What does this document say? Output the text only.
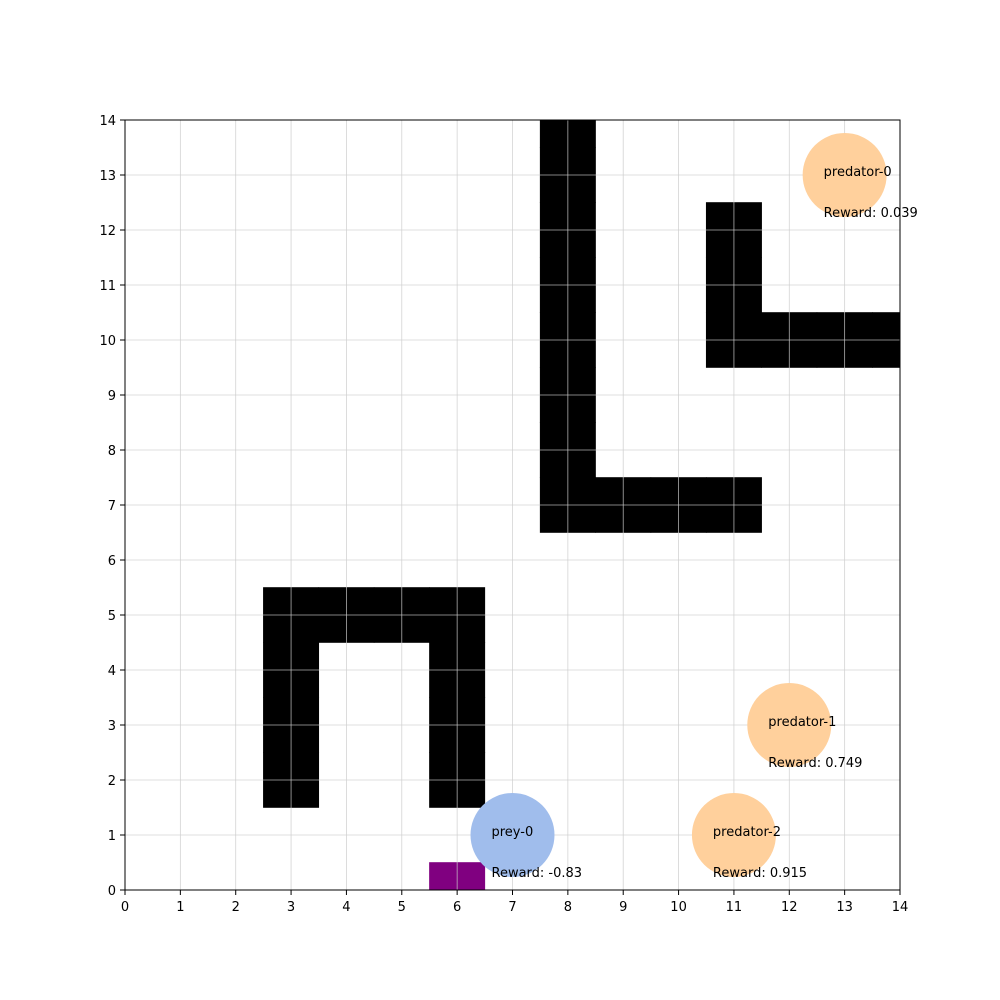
predator-0
Reward: 0.039
predator-1
Reward: 0.749
predator-2
Reward: 0.915
prey-0
Reward: -0.83
0	1	2	3	4	5	6	7	8	9	10	11	12	13	14
0
1
2
3
4
5
6
7
8
9
10
11
12
13
14
